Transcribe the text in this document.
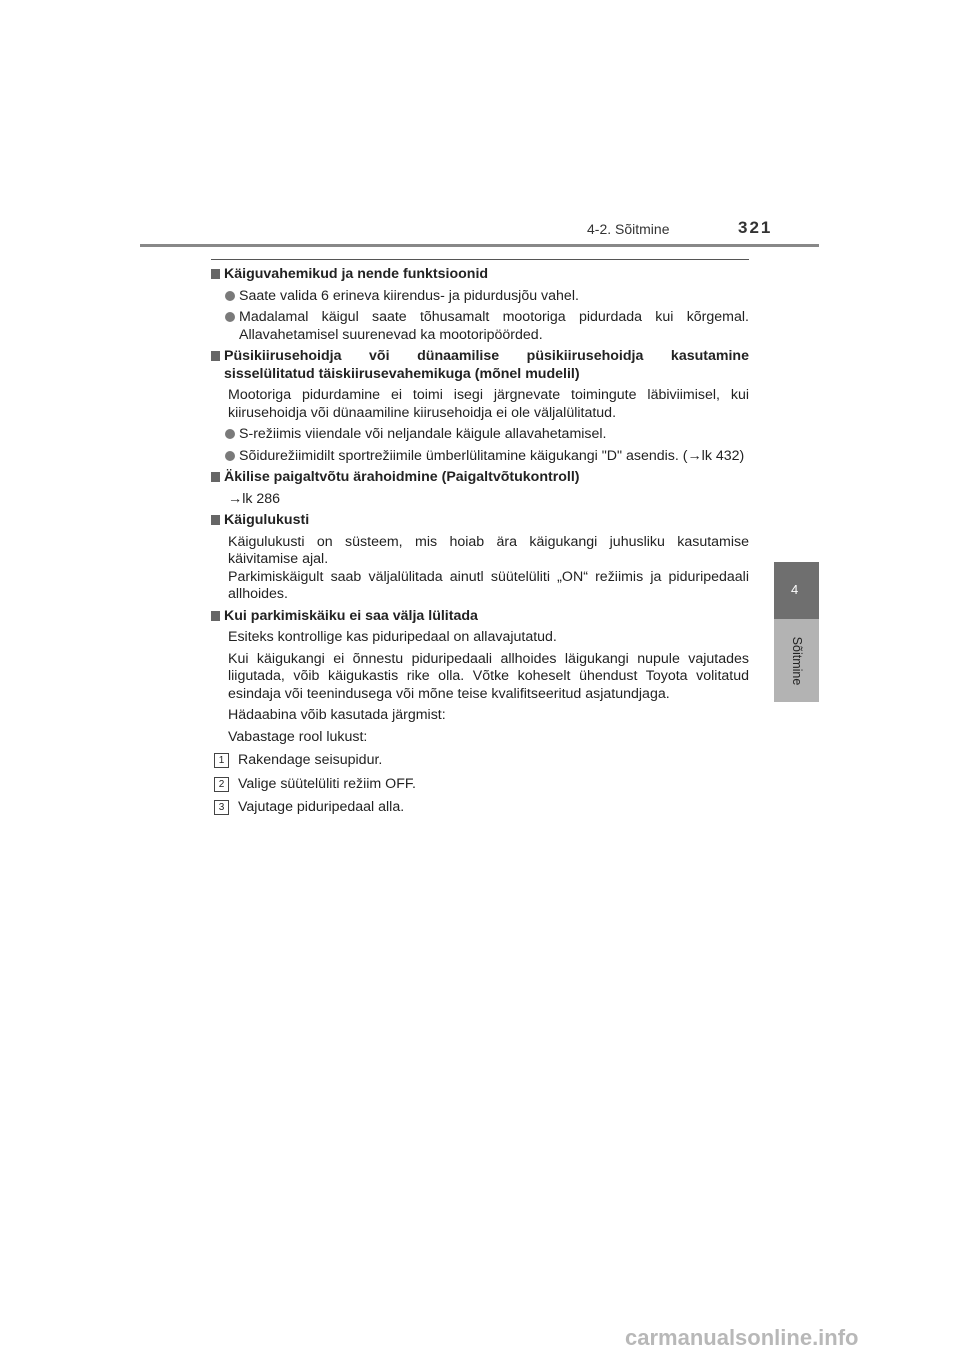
4-2. Sõitmine	321
4
Sõitmine
Käiguvahemikud ja nende funktsioonid
Saate valida 6 erineva kiirendus- ja pidurdusjõu vahel.
Madalamal käigul saate tõhusamalt mootoriga pidurdada kui kõrgemal. Allavahetamisel suurenevad ka mootoripöörded.
Püsikiirusehoidja või dünaamilise püsikiirusehoidja kasutamine sisselülitatud täiskiirusevahemikuga (mõnel mudelil)
Mootoriga pidurdamine ei toimi isegi järgnevate toimingute läbiviimisel, kui kiirusehoidja või dünaamiline kiirusehoidja ei ole väljalülitatud.
S-režiimis viiendale või neljandale käigule allavahetamisel.
Sõidurežiimidilt sportrežiimile ümberlülitamine käigukangi "D" asendis. (→lk 432)
Äkilise paigaltvõtu ärahoidmine (Paigaltvõtukontroll)
→lk 286
Käigulukusti
Käigulukusti on süsteem, mis hoiab ära käigukangi juhusliku kasutamise käivitamise ajal.
Parkimiskäigult saab väljalülitada ainutl süütelüliti „ON“ režiimis ja piduripedaali allhoides.
Kui parkimiskäiku ei saa välja lülitada
Esiteks kontrollige kas piduripedaal on allavajutatud.
Kui käigukangi ei õnnestu piduripedaali allhoides läigukangi nupule vajutades liigutada, võib käigukastis rike olla. Võtke koheselt ühendust Toyota volitatud esindaja või teenindusega või mõne teise kvalifitseeritud asjatundjaga.
Hädaabina võib kasutada järgmist:
Vabastage rool lukust:
1 Rakendage seisupidur.
2 Valige süütelüliti režiim OFF.
3 Vajutage piduripedaal alla.
carmanualsonline.info
